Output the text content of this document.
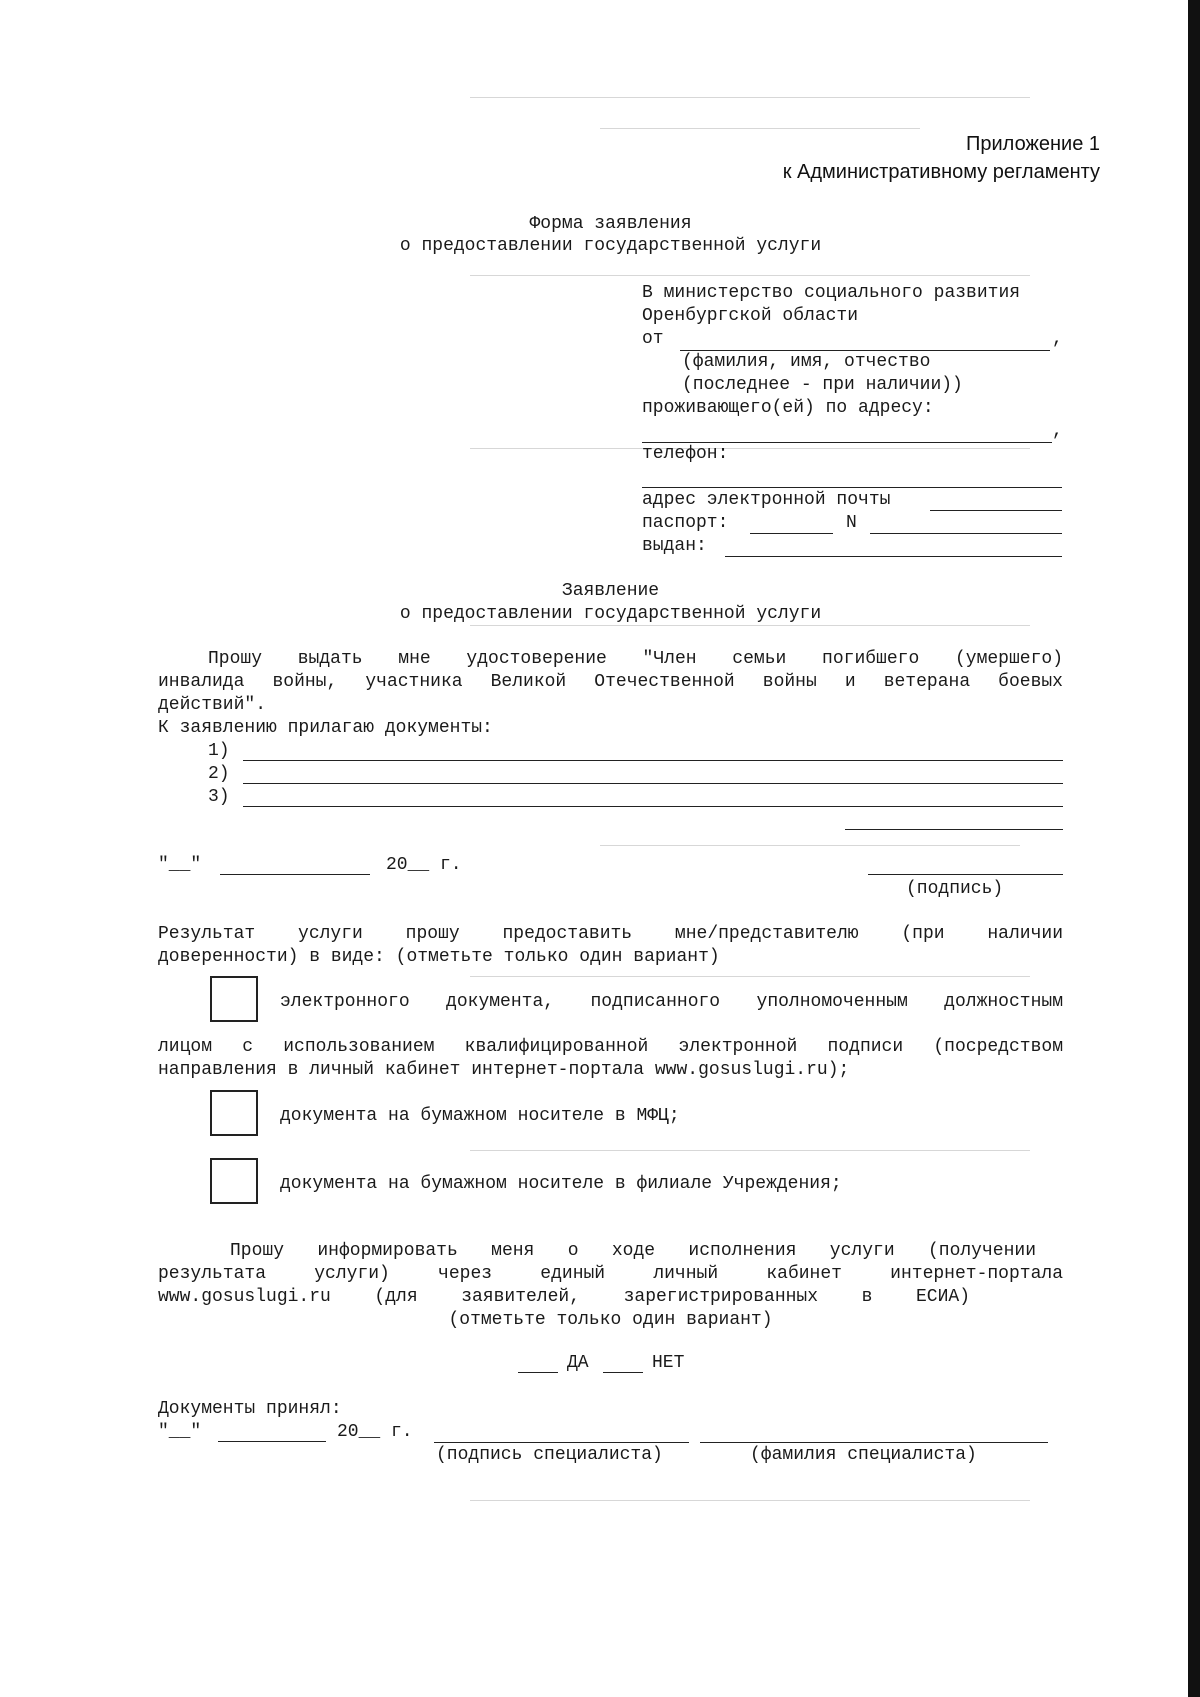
Приложение 1
к Административному регламенту
Форма заявления
о предоставлении государственной услуги
В министерство социального развития
Оренбургской области
от	,
(фамилия, имя, отчество
(последнее - при наличии))
проживающего(ей) по адресу:
,
телефон:
адрес электронной почты
паспорт:	N
выдан:
Заявление
о предоставлении государственной услуги
Прошу выдать мне удостоверение "Член семьи погибшего (умершего)
инвалида войны, участника Великой Отечественной войны и ветерана боевых
действий".
К заявлению прилагаю документы:
1)
2)
3)
"__"	20__ г.
(подпись)
Результат услуги прошу предоставить мне/представителю (при наличии
доверенности) в виде: (отметьте только один вариант)
электронного документа, подписанного уполномоченным должностным
лицом с использованием квалифицированной электронной подписи (посредством
направления в личный кабинет интернет-портала www.gosuslugi.ru);
документа на бумажном носителе в МФЦ;
документа на бумажном носителе в филиале Учреждения;
Прошу информировать меня о ходе исполнения услуги (получении
результата услуги) через единый личный кабинет интернет-портала
www.gosuslugi.ru (для заявителей, зарегистрированных в ЕСИА)
(отметьте только один вариант)
ДА	НЕТ
Документы принял:
"__"	20__ г.
(подпись специалиста)	(фамилия специалиста)
